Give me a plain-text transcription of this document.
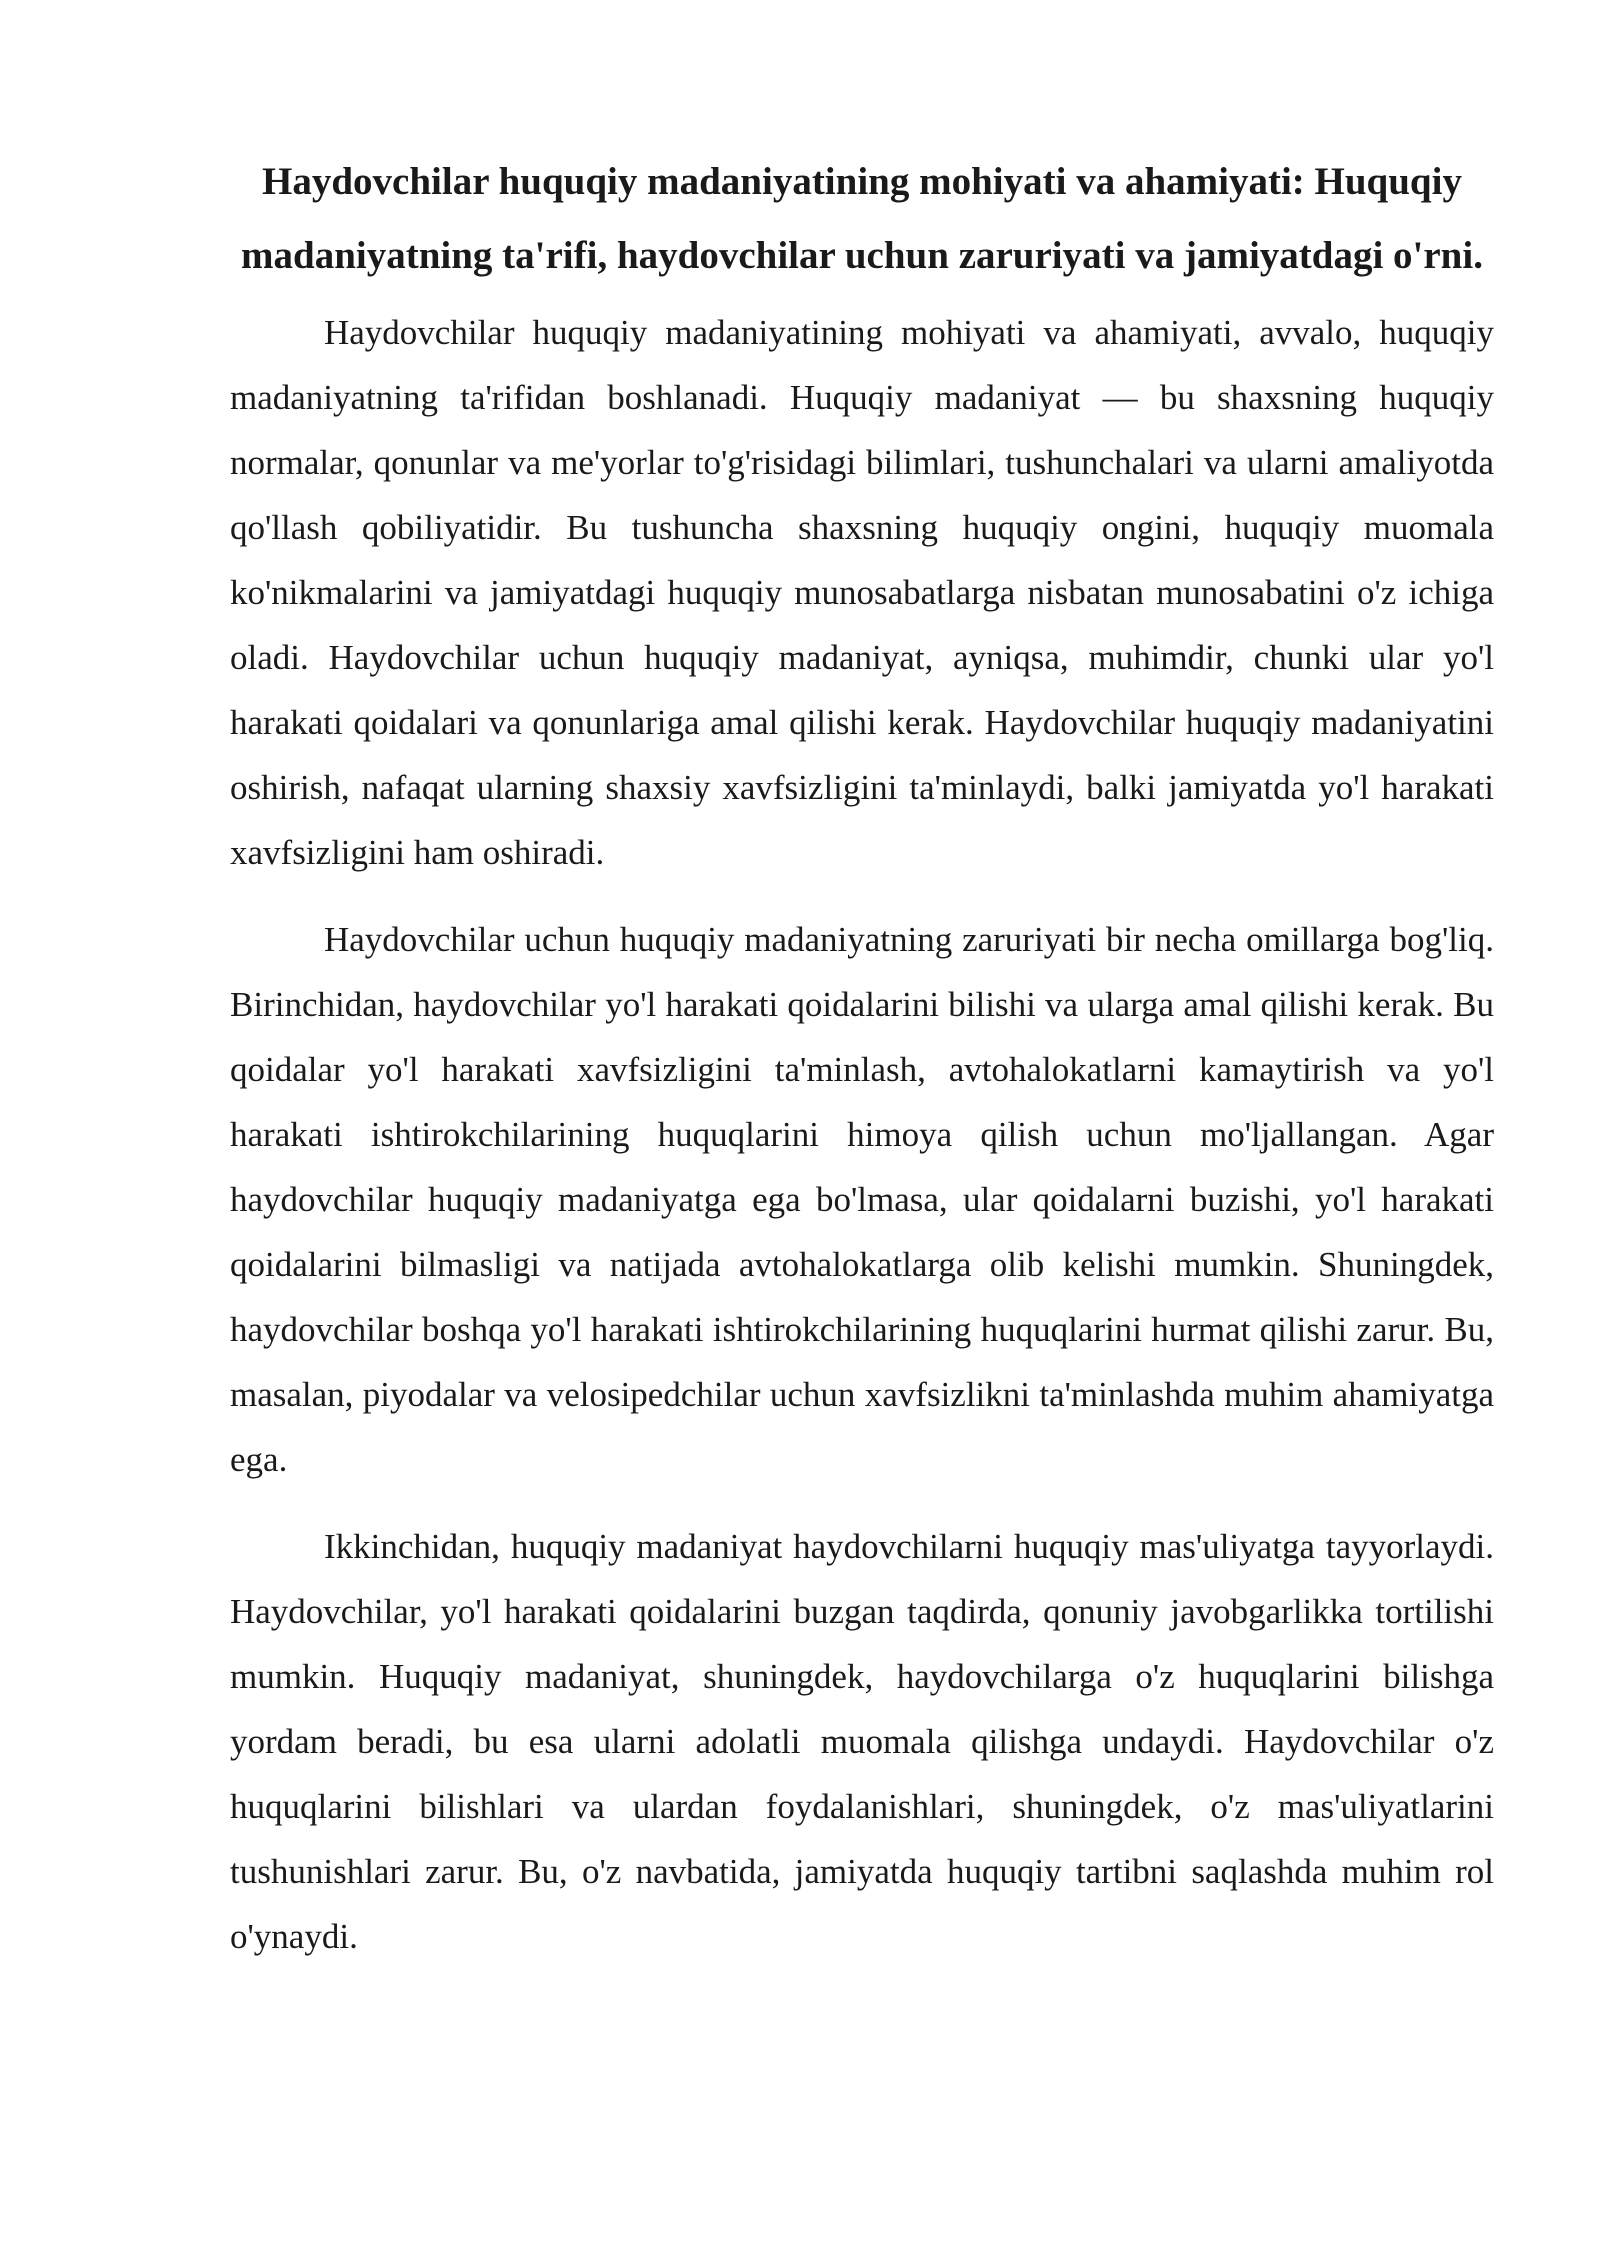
Haydovchilar huquqiy madaniyatining mohiyati va ahamiyati: Huquqiy madaniyatning ta'rifi, haydovchilar uchun zaruriyati va jamiyatdagi o'rni.

Haydovchilar huquqiy madaniyatining mohiyati va ahamiyati, avvalo, huquqiy madaniyatning ta'rifidan boshlanadi. Huquqiy madaniyat — bu shaxsning huquqiy normalar, qonunlar va me'yorlar to'g'risidagi bilimlari, tushunchalari va ularni amaliyotda qo'llash qobiliyatidir. Bu tushuncha shaxsning huquqiy ongini, huquqiy muomala ko'nikmalarini va jamiyatdagi huquqiy munosabatlarga nisbatan munosabatini o'z ichiga oladi. Haydovchilar uchun huquqiy madaniyat, ayniqsa, muhimdir, chunki ular yo'l harakati qoidalari va qonunlariga amal qilishi kerak. Haydovchilar huquqiy madaniyatini oshirish, nafaqat ularning shaxsiy xavfsizligini ta'minlaydi, balki jamiyatda yo'l harakati xavfsizligini ham oshiradi.

Haydovchilar uchun huquqiy madaniyatning zaruriyati bir necha omillarga bog'liq. Birinchidan, haydovchilar yo'l harakati qoidalarini bilishi va ularga amal qilishi kerak. Bu qoidalar yo'l harakati xavfsizligini ta'minlash, avtohalokatlarni kamaytirish va yo'l harakati ishtirokchilarining huquqlarini himoya qilish uchun mo'ljallangan. Agar haydovchilar huquqiy madaniyatga ega bo'lmasa, ular qoidalarni buzishi, yo'l harakati qoidalarini bilmasligi va natijada avtohalokatlarga olib kelishi mumkin. Shuningdek, haydovchilar boshqa yo'l harakati ishtirokchilarining huquqlarini hurmat qilishi zarur. Bu, masalan, piyodalar va velosipedchilar uchun xavfsizlikni ta'minlashda muhim ahamiyatga ega.

Ikkinchidan, huquqiy madaniyat haydovchilarni huquqiy mas'uliyatga tayyorlaydi. Haydovchilar, yo'l harakati qoidalarini buzgan taqdirda, qonuniy javobgarlikka tortilishi mumkin. Huquqiy madaniyat, shuningdek, haydovchilarga o'z huquqlarini bilishga yordam beradi, bu esa ularni adolatli muomala qilishga undaydi. Haydovchilar o'z huquqlarini bilishlari va ulardan foydalanishlari, shuningdek, o'z mas'uliyatlarini tushunishlari zarur. Bu, o'z navbatida, jamiyatda huquqiy tartibni saqlashda muhim rol o'ynaydi.
